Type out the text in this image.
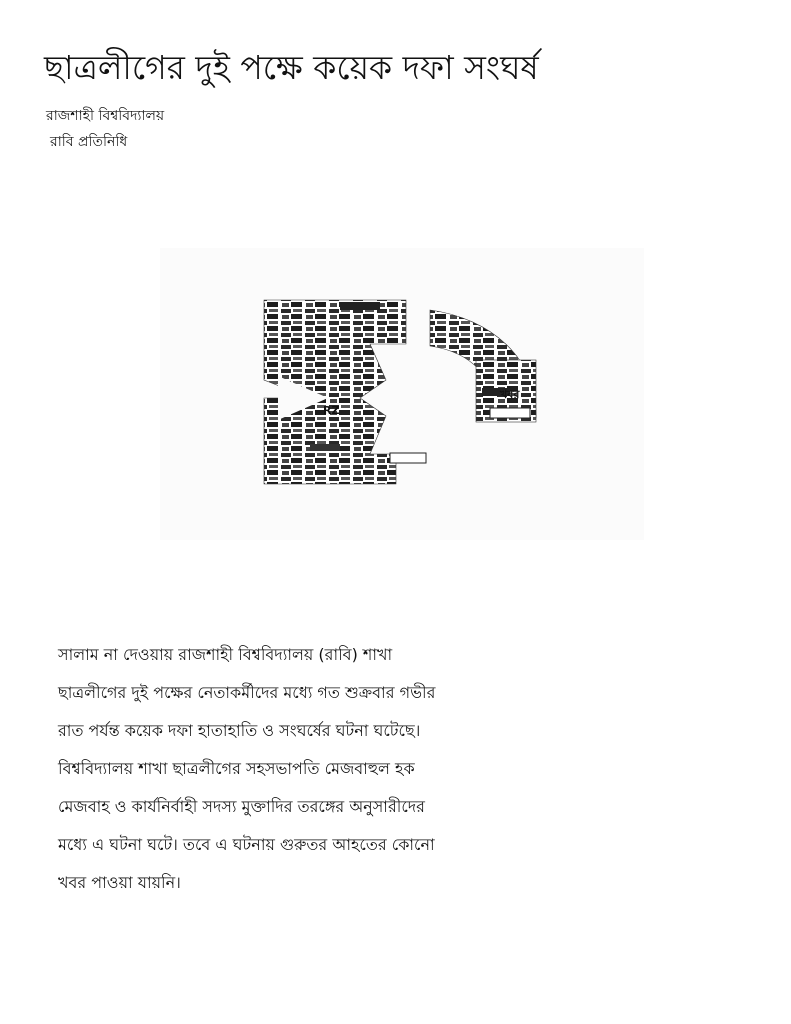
ছাত্রলীগের দুই পক্ষে কয়েক দফা সংঘর্ষ
রাজশাহী বিশ্ববিদ্যালয়
রাবি প্রতিনিধি
খবর
RZ
সালাম না দেওয়ায় রাজশাহী বিশ্ববিদ্যালয় (রাবি) শাখা
ছাত্রলীগের দুই পক্ষের নেতাকর্মীদের মধ্যে গত শুক্রবার গভীর
রাত পর্যন্ত কয়েক দফা হাতাহাতি ও সংঘর্ষের ঘটনা ঘটেছে।
বিশ্ববিদ্যালয় শাখা ছাত্রলীগের সহসভাপতি মেজবাহুল হক
মেজবাহ ও কার্যনির্বাহী সদস্য মুক্তাদির তরঙ্গের অনুসারীদের
মধ্যে এ ঘটনা ঘটে। তবে এ ঘটনায় গুরুতর আহতের কোনো
খবর পাওয়া যায়নি।
